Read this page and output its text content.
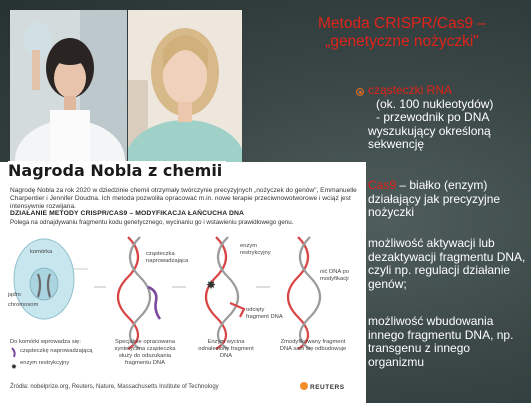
Metoda CRISPR/Cas9 –
„genetyczne nożyczki"
cząsteczki RNA
(ok. 100 nukleotydów)
- przewodnik po DNA
wyszukujący określoną
sekwencję
Cas9 – białko (enzym) działający jak precyzyjne nożyczki
możliwość aktywacji lub dezaktywacji fragmentu DNA, czyli np. regulacji działanie genów;
możliwość wbudowania innego fragmentu DNA, np. transgenu z innego organizmu
Nagroda Nobla z chemii
Nagrodę Nobla za rok 2020 w dziedzinie chemii otrzymały twórczynie precyzyjnych „nożyczek do genów", Emmanuelle Charpentier i Jennifer Doudna. Ich metoda pozwoliła opracować m.in. nowe terapie przeciwnowotworowe i wciąż jest intensywnie rozwijana.
DZIAŁANIE METODY CRISPR/CAS9 – MODYFIKACJA ŁAŃCUCHA DNA
Polega na odnajdywaniu fragmentu kodu genetycznego, wycinaniu go i wstawieniu prawidłowego genu.
✸
✸
komórka
jądro
chromosom
cząsteczka naprowadzająca
enzym restrykcyjny
odcięty fragment DNA
nić DNA po modyfikacji
Do komórki wprowadza się:
cząsteczkę naprowadzającą
enzym restrykcyjny
Specjalnie opracowana syntetyczna cząsteczka służy do odszukania fragmentu DNA
Enzym wycina odnaleziony fragment DNA
Zmodyfikowany fragment DNA sam się odbudowuje
Źródła: nobelprize.org, Reuters, Nature, Massachusetts Institute of Technology	REUTERS
